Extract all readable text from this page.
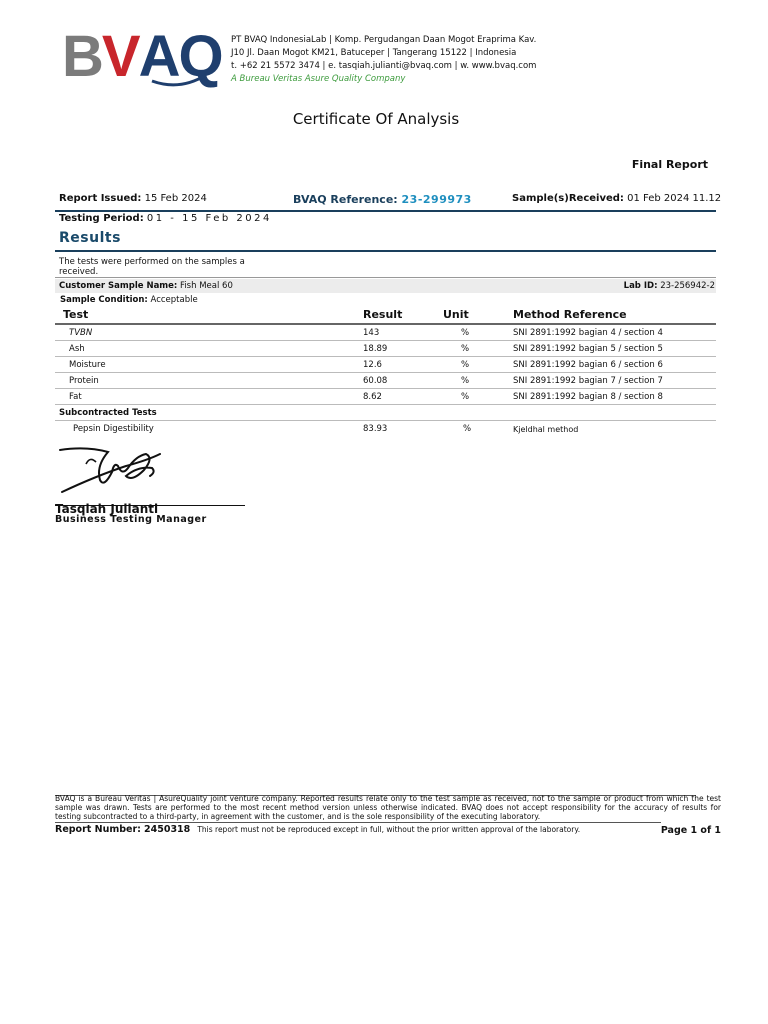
BVAQ PT BVAQ IndonesiaLab | Komp. Pergudangan Daan Mogot Eraprima Kav.
J10 Jl. Daan Mogot KM21, Batuceper | Tangerang 15122 | Indonesia
t. +62 21 5572 3474 | e. tasqiah.julianti@bvaq.com | w. www.bvaq.com
A Bureau Veritas Asure Quality Company
Certificate Of Analysis
Final Report
Report Issued: 15 Feb 2024	BVAQ Reference: 23-299973	Sample(s)Received: 01 Feb 2024 11.12
Testing Period: 01 - 15 Feb 2024
Results
The tests were performed on the samples a received.
Customer Sample Name: Fish Meal 60	Lab ID: 23-256942-2
Sample Condition: Acceptable
Test	Result	Unit	Method Reference
TVBN	143	%	SNI 2891:1992 bagian 4 / section 4
Ash	18.89	%	SNI 2891:1992 bagian 5 / section 5
Moisture	12.6	%	SNI 2891:1992 bagian 6 / section 6
Protein	60.08	%	SNI 2891:1992 bagian 7 / section 7
Fat	8.62	%	SNI 2891:1992 bagian 8 / section 8
Subcontracted Tests			
Pepsin Digestibility	83.93	%	Kjeldhal method
Tasqiah Julianti
Business Testing Manager
BVAQ is a Bureau Veritas | AsureQuality joint venture company. Reported results relate only to the test sample as received, not to the sample or product from which the test sample was drawn. Tests are performed to the most recent method version unless otherwise indicated. BVAQ does not accept responsibility for the accuracy of results for testing subcontracted to a third-party, in agreement with the customer, and is the sole responsibility of the executing laboratory.
Report Number: 2450318 This report must not be reproduced except in full, without the prior written approval of the laboratory.	Page 1 of 1
